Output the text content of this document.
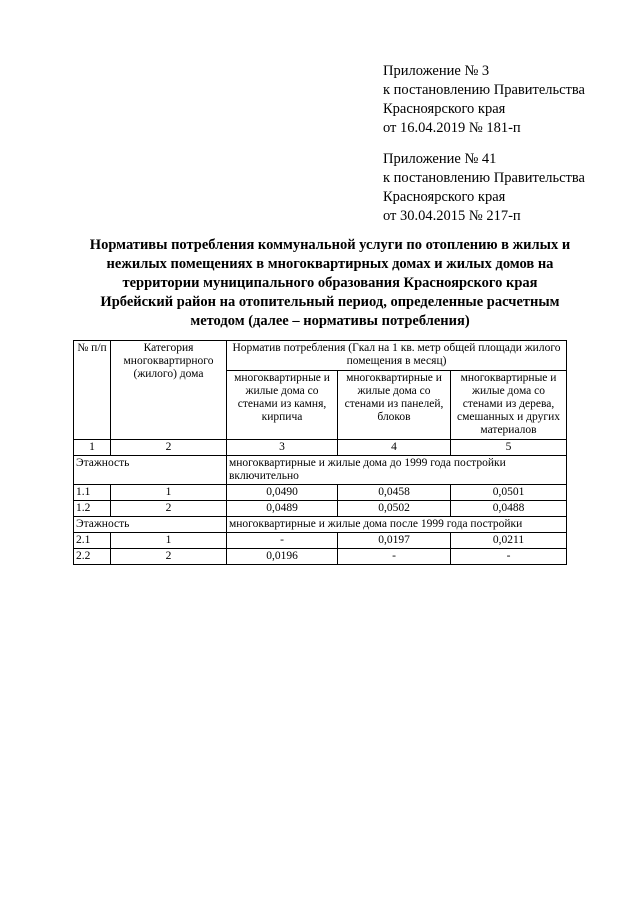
Приложение № 3
к постановлению Правительства
Красноярского края
от 16.04.2019 № 181-п
Приложение № 41
к постановлению Правительства
Красноярского края
от 30.04.2015 № 217-п
Нормативы потребления коммунальной услуги по отоплению в жилых и
нежилых помещениях в многоквартирных домах и жилых домов на
территории муниципального образования Красноярского края
Ирбейский район на отопительный период, определенные расчетным
методом (далее – нормативы потребления)
№ п/п	Категория многоквартирного (жилого) дома	Норматив потребления (Гкал на 1 кв. метр общей площади жилого помещения в месяц)		
		многоквартирные и жилые дома со стенами из камня, кирпича	многоквартирные и жилые дома со стенами из панелей, блоков	многоквартирные и жилые дома со стенами из дерева, смешанных и других материалов
1	2	3	4	5
Этажность		многоквартирные и жилые дома до 1999 года постройки включительно		
1.1	1	0,0490	0,0458	0,0501
1.2	2	0,0489	0,0502	0,0488
Этажность		многоквартирные и жилые дома после 1999 года постройки		
2.1	1	-	0,0197	0,0211
2.2	2	0,0196	-	-
